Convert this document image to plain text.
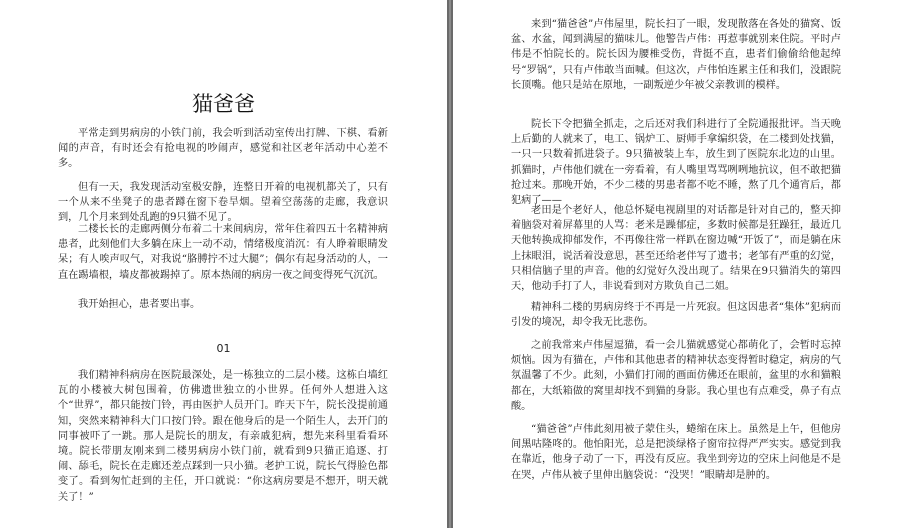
猫爸爸

平常走到男病房的小铁门前，我会听到活动室传出打牌、下棋、看新闻的声音，有时还会有抢电视的吵闹声，感觉和社区老年活动中心差不多。

但有一天，我发现活动室极安静，连整日开着的电视机都关了，只有一个从来不坐凳子的患者蹲在窗下卷旱烟。望着空荡荡的走廊，我意识到，几个月来到处乱跑的9只猫不见了。

二楼长长的走廊两侧分布着二十来间病房，常年住着四五十名精神病患者，此刻他们大多躺在床上一动不动，情绪极度消沉：有人睁着眼睛发呆；有人唉声叹气，对我说“胳膊拧不过大腿”；偶尔有起身活动的人，一直在踢墙根，墙皮都被踢掉了。原本热闹的病房一夜之间变得死气沉沉。

我开始担心，患者要出事。

01

我们精神科病房在医院最深处，是一栋独立的二层小楼。这栋白墙红瓦的小楼被大树包围着，仿佛遗世独立的小世界。任何外人想进入这个“世界”，都只能按门铃，再由医护人员开门。昨天下午，院长没提前通知，突然来精神科大门口按门铃。跟在他身后的是一个陌生人，去开门的同事被吓了一跳。那人是院长的朋友，有亲戚犯病，想先来科里看看环境。院长带朋友刚来到二楼男病房小铁门前，就看到9只猫正追逐、打闹、舔毛，院长在走廊还差点踩到一只小猫。老护工说，院长气得脸色都变了。看到匆忙赶到的主任，开口就说：“你这病房要是不想开，明天就关了！”

来到“猫爸爸”卢伟屋里，院长扫了一眼，发现散落在各处的猫窝、饭盆、水盆，闻到满屋的猫味儿。他警告卢伟：再惹事就别来住院。平时卢伟是不怕院长的。院长因为腰椎受伤，背挺不直，患者们偷偷给他起绰号“罗锅”，只有卢伟敢当面喊。但这次，卢伟怕连累主任和我们，没跟院长顶嘴。他只是站在原地，一副叛逆少年被父亲教训的模样。

院长下令把猫全抓走，之后还对我们科进行了全院通报批评。当天晚上后勤的人就来了，电工、锅炉工、厨师手拿编织袋，在二楼到处找猫，一只一只数着抓进袋子。9只猫被装上车，放生到了医院东北边的山里。抓猫时，卢伟他们就在一旁看着，有人嘴里骂骂咧咧地抗议，但不敢把猫抢过来。那晚开始，不少二楼的男患者都不吃不睡，熬了几个通宵后，都犯病了——

老田是个老好人，他总怀疑电视剧里的对话都是针对自己的，整天抑着脑袋对着屏幕里的人骂：老米是躁郁症，多数时候都是狂躁狂，最近几天他转换成抑郁发作，不再像往常一样趴在窗边喊“开饭了”，而是躺在床上抹眼泪，说活着没意思，甚至还给老伴写了遗书；老邹有严重的幻觉，只相信脑子里的声音。他的幻觉好久没出现了。结果在9只猫消失的第四天，他动手打了人，非说看到对方欺负自己二姐。

精神科二楼的男病房终于不再是一片死寂。但这因患者“集体”犯病而引发的境况，却令我无比悲伤。

之前我常来卢伟屋逗猫，看一会儿猫就感觉心都萌化了，会暂时忘掉烦恼。因为有猫在，卢伟和其他患者的精神状态变得暂时稳定，病房的气氛温馨了不少。此刻，小猫们打闹的画面仿佛还在眼前，盆里的水和猫粮都在，大纸箱做的窝里却找不到猫的身影。我心里也有点难受，鼻子有点酸。

“猫爸爸”卢伟此刻用被子蒙住头，蜷缩在床上。虽然是上午，但他房间黑咕隆咚的。他怕阳光，总是把淡绿格子窗帘拉得严严实实。感觉到我在靠近，他身子动了一下，再没有反应。我坐到旁边的空床上问他是不是在哭，卢伟从被子里伸出脑袋说：“没哭！”眼睛却是肿的。
